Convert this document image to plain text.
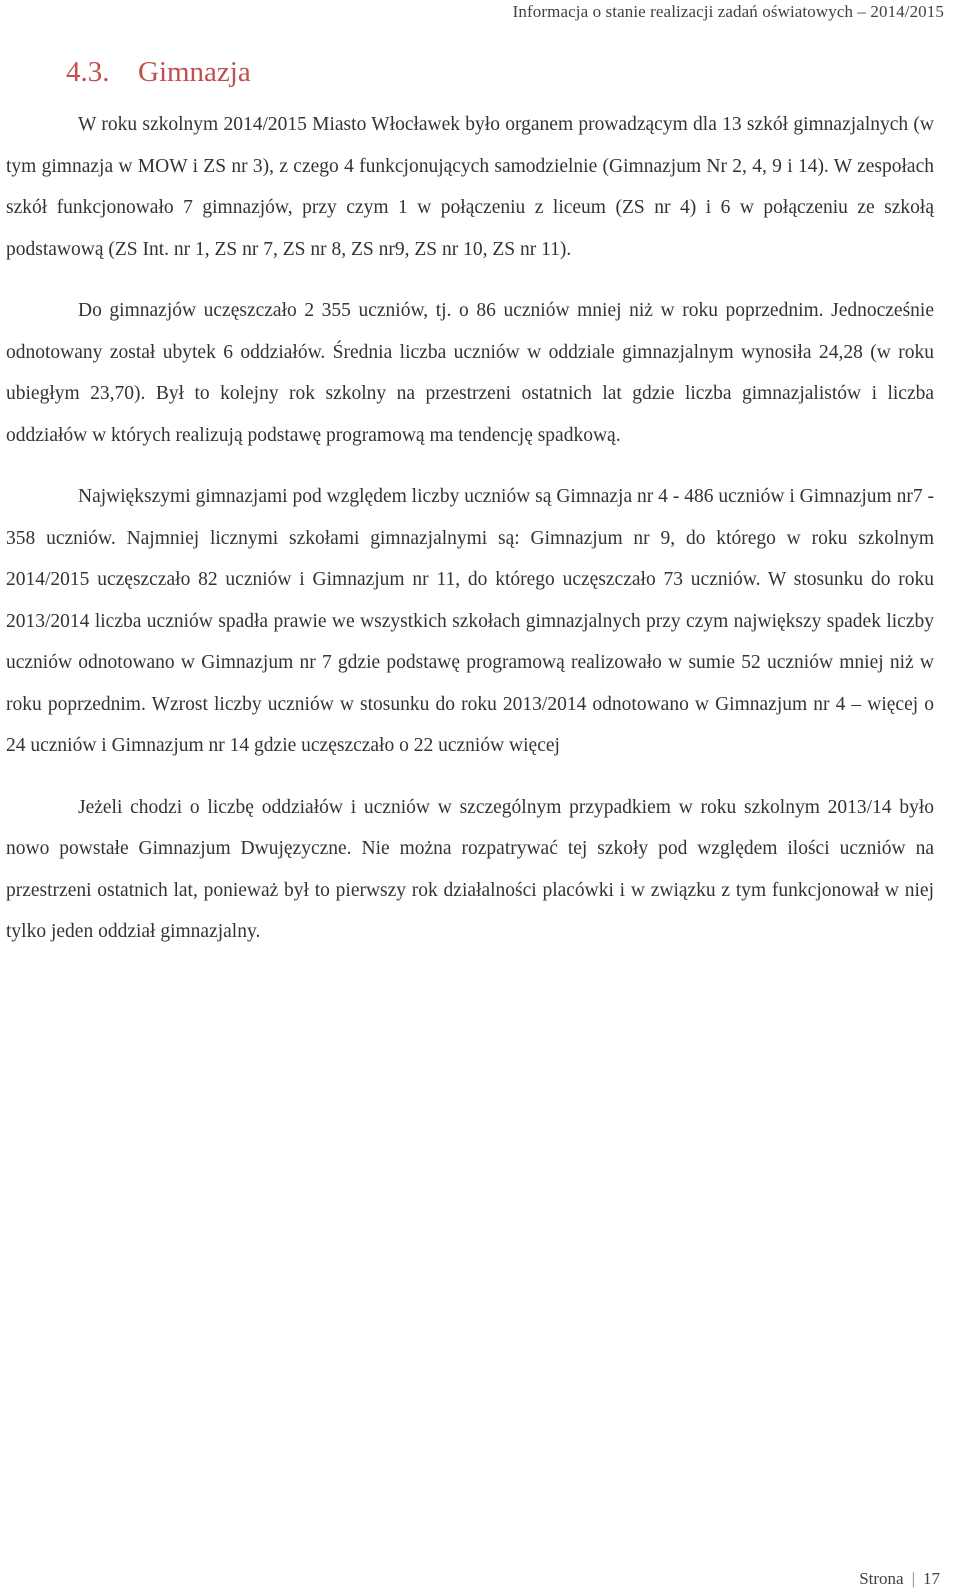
Informacja o stanie realizacji zadań oświatowych – 2014/2015
4.3. Gimnazja

W roku szkolnym 2014/2015 Miasto Włocławek było organem prowadzącym dla 13 szkół gimnazjalnych (w tym gimnazja w MOW i ZS nr 3), z czego 4 funkcjonujących samodzielnie (Gimnazjum Nr 2, 4, 9 i 14). W zespołach szkół funkcjonowało 7 gimnazjów, przy czym 1 w połączeniu z liceum (ZS nr 4) i 6 w połączeniu ze szkołą podstawową (ZS Int. nr 1, ZS nr 7, ZS nr 8, ZS nr9, ZS nr 10, ZS nr 11).

Do gimnazjów uczęszczało 2 355 uczniów, tj. o 86 uczniów mniej niż w roku poprzednim. Jednocześnie odnotowany został ubytek 6 oddziałów. Średnia liczba uczniów w oddziale gimnazjalnym wynosiła 24,28 (w roku ubiegłym 23,70). Był to kolejny rok szkolny na przestrzeni ostatnich lat gdzie liczba gimnazjalistów i liczba oddziałów w których realizują podstawę programową ma tendencję spadkową.

Największymi gimnazjami pod względem liczby uczniów są Gimnazja nr 4 - 486 uczniów i Gimnazjum nr7 - 358 uczniów. Najmniej licznymi szkołami gimnazjalnymi są: Gimnazjum nr 9, do którego w roku szkolnym 2014/2015 uczęszczało 82 uczniów i Gimnazjum nr 11, do którego uczęszczało 73 uczniów. W stosunku do roku 2013/2014 liczba uczniów spadła prawie we wszystkich szkołach gimnazjalnych przy czym największy spadek liczby uczniów odnotowano w Gimnazjum nr 7 gdzie podstawę programową realizowało w sumie 52 uczniów mniej niż w roku poprzednim. Wzrost liczby uczniów w stosunku do roku 2013/2014 odnotowano w Gimnazjum nr 4 – więcej o 24 uczniów i Gimnazjum nr 14 gdzie uczęszczało o 22 uczniów więcej

Jeżeli chodzi o liczbę oddziałów i uczniów w szczególnym przypadkiem w roku szkolnym 2013/14 było nowo powstałe Gimnazjum Dwujęzyczne. Nie można rozpatrywać tej szkoły pod względem ilości uczniów na przestrzeni ostatnich lat, ponieważ był to pierwszy rok działalności placówki i w związku z tym funkcjonował w niej tylko jeden oddział gimnazjalny.

Strona | 17
